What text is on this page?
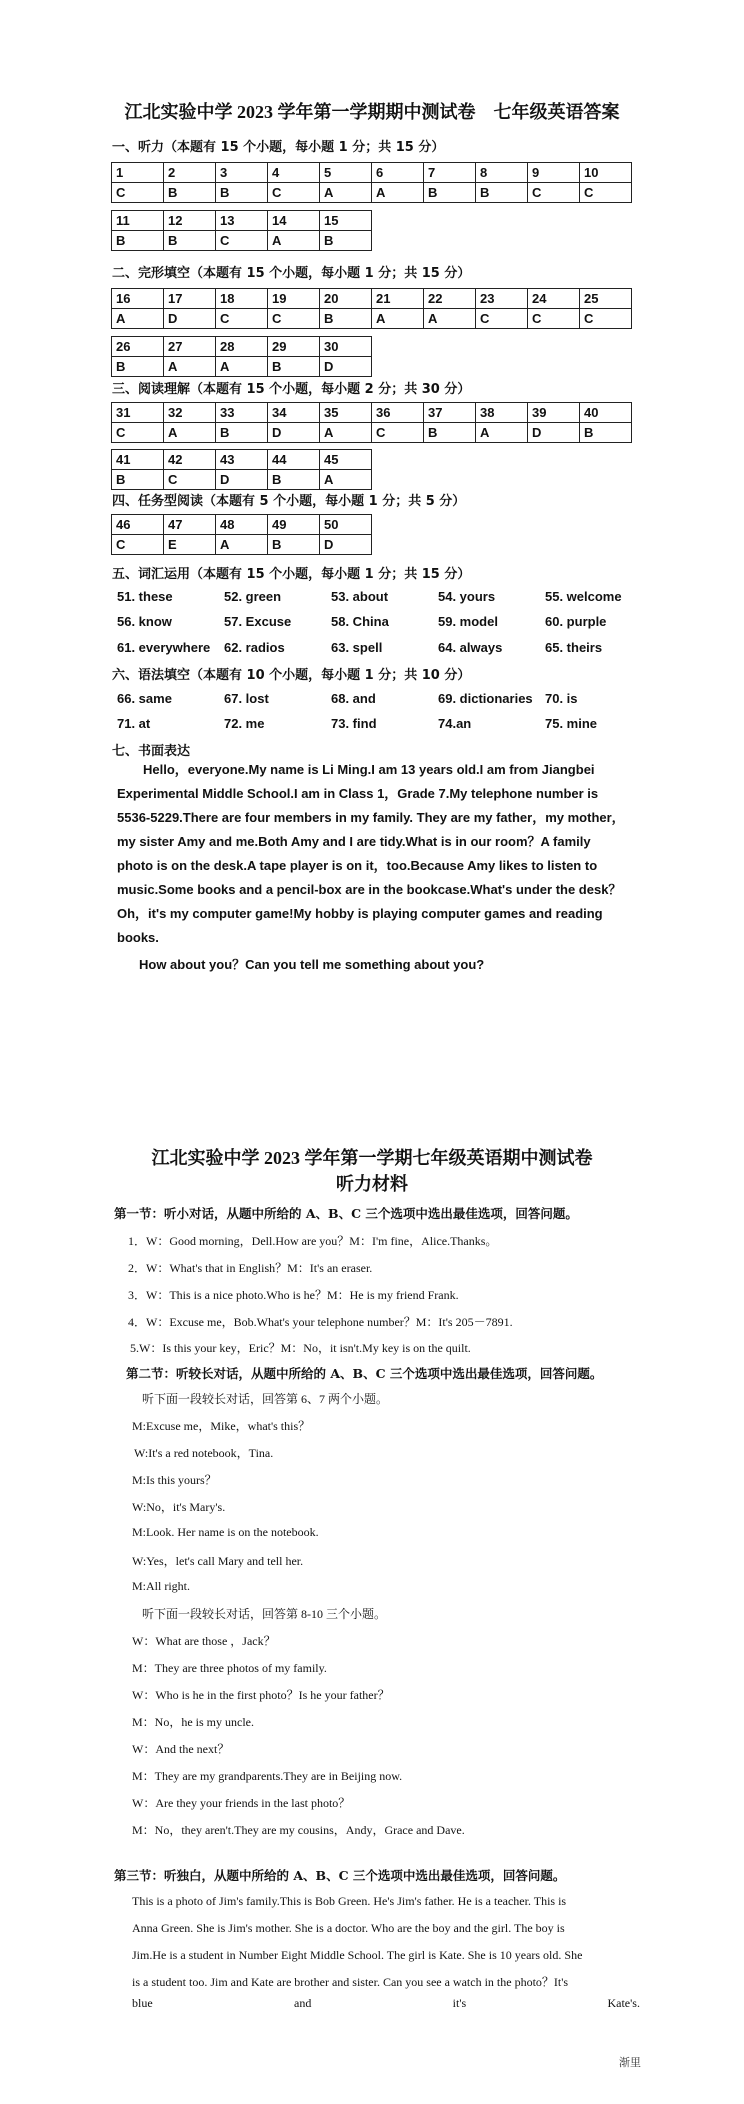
江北实验中学 2023 学年第一学期期中测试卷　七年级英语答案
一、听力（本题有 15 个小题，每小题 1 分；共 15 分）
1	2	3	4	5	6	7	8	9	10
C	B	B	C	A	A	B	B	C	C
11	12	13	14	15
B	B	C	A	B
二、完形填空（本题有 15 个小题，每小题 1 分；共 15 分）
16	17	18	19	20	21	22	23	24	25
A	D	C	C	B	A	A	C	C	C
26	27	28	29	30
B	A	A	B	D
三、阅读理解（本题有 15 个小题，每小题 2 分；共 30 分）
31	32	33	34	35	36	37	38	39	40
C	A	B	D	A	C	B	A	D	B
41	42	43	44	45
B	C	D	B	A
四、任务型阅读（本题有 5 个小题，每小题 1 分；共 5 分）
46	47	48	49	50
C	E	A	B	D
五、词汇运用（本题有 15 个小题，每小题 1 分；共 15 分）
51. these	52. green	53. about	54. yours	55. welcome
56. know	57. Excuse	58. China	59. model	60. purple
61. everywhere	62. radios	63. spell	64. always	65. theirs
六、语法填空（本题有 10 个小题，每小题 1 分；共 10 分）
66. same	67. lost	68. and	69. dictionaries 70. is
71. at	72. me	73. find	74.an	75. mine
七、书面表达
　　Hello，everyone.My name is Li Ming.I am 13 years old.I am from Jiangbei
Experimental Middle School.I am in Class 1，Grade 7.My telephone number is
5536-5229.There are four members in my family. They are my father，my mother，
my sister Amy and me.Both Amy and I are tidy.What is in our room？A family
photo is on the desk.A tape player is on it，too.Because Amy likes to listen to
music.Some books and a pencil-box are in the bookcase.What's under the desk？
Oh，it's my computer game!My hobby is playing computer games and reading
books.

How about you？Can you tell me something about you?

江北实验中学 2023 学年第一学期七年级英语期中测试卷
听力材料
第一节：听小对话，从题中所给的 A、B、C 三个选项中选出最佳选项，回答问题。
1．W：Good morning，Dell.How are you？M：I'm fine，Alice.Thanks。
2．W：What's that in English？M：It's an eraser.
3．W：This is a nice photo.Who is he？M：He is my friend Frank.
4．W：Excuse me，Bob.What's your telephone number？M：It's 205－7891.
5.W：Is this your key，Eric？M：No，it isn't.My key is on the quilt.
第二节：听较长对话，从题中所给的 A、B、C 三个选项中选出最佳选项，回答问题。
听下面一段较长对话，回答第 6、7 两个小题。
M:Excuse me，Mike，what's this？
W:It's a red notebook，Tina.
M:Is this yours？
W:No，it's Mary's.
M:Look. Her name is on the notebook.
W:Yes，let's call Mary and tell her.
M:All right.
听下面一段较长对话，回答第 8-10 三个小题。
W：What are those ，Jack？
M：They are three photos of my family.
W：Who is he in the first photo？Is he your father？
M：No，he is my uncle.
W：And the next？
M：They are my grandparents.They are in Beijing now.
W：Are they your friends in the last photo？
M：No，they aren't.They are my cousins，Andy，Grace and Dave.
第三节：听独白，从题中所给的 A、B、C 三个选项中选出最佳选项，回答问题。
This is a photo of Jim's family.This is Bob Green. He's Jim's father. He is a teacher. This is
Anna Green. She is Jim's mother. She is a doctor. Who are the boy and the girl. The boy is
Jim.He is a student in Number Eight Middle School. The girl is Kate. She is 10 years old. She
is a student too. Jim and Kate are brother and sister. Can you see a watch in the photo？It's
blue	and	it's	Kate's.
渐里
